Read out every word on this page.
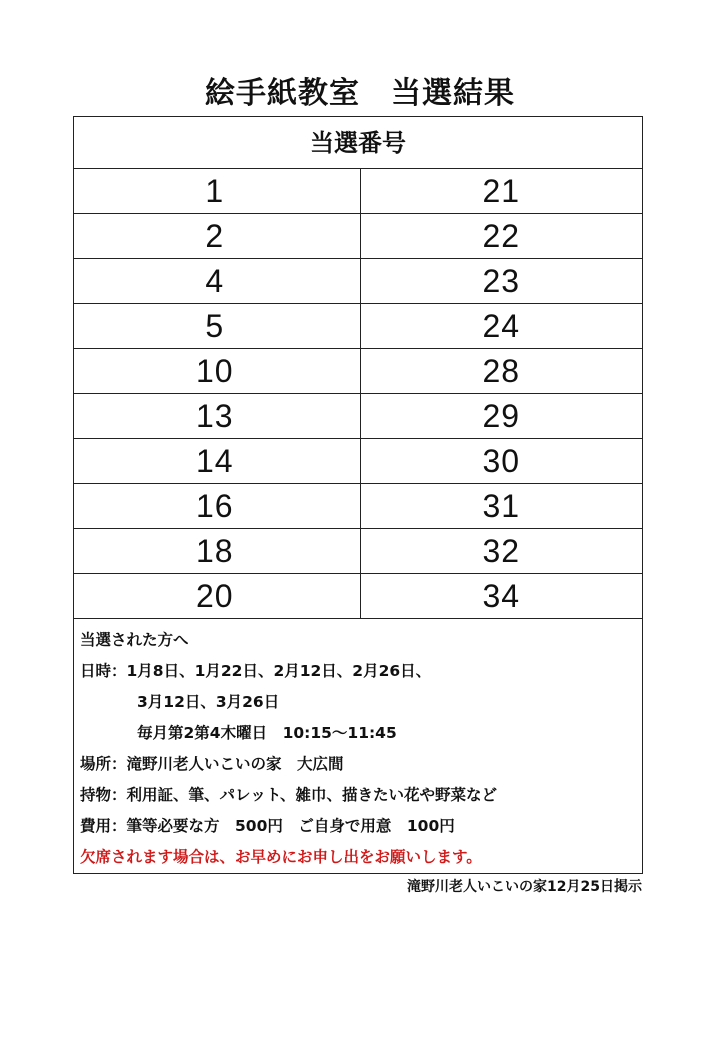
絵手紙教室　当選結果
当選番号
1	21
2	22
4	23
5	24
10	28
13	29
14	30
16	31
18	32
20	34
当選された方へ
日時：1月8日、1月22日、2月12日、2月26日、
3月12日、3月26日
毎月第2第4木曜日　10:15～11:45
場所：滝野川老人いこいの家　大広間
持物：利用証、筆、パレット、雑巾、描きたい花や野菜など
費用：筆等必要な方　500円　ご自身で用意　100円
欠席されます場合は、お早めにお申し出をお願いします。
滝野川老人いこいの家12月25日掲示
